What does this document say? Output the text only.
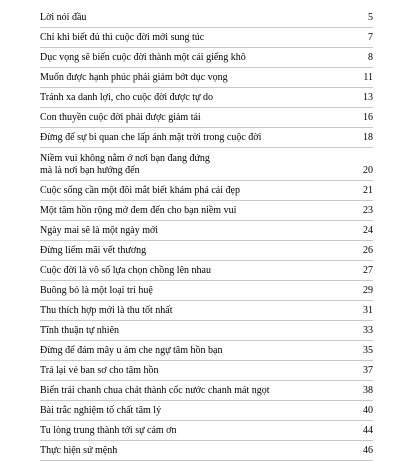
Lời nói đầu	5
Chỉ khi biết đủ thì cuộc đời mới sung túc	7
Dục vọng sẽ biến cuộc đời thành một cái giếng khô	8
Muốn được hạnh phúc phải giảm bớt dục vọng	11
Tránh xa danh lợi, cho cuộc đời được tự do	13
Con thuyền cuộc đời phải được giảm tải	16
Đừng để sự bi quan che lấp ánh mặt trời trong cuộc đời	18
Niềm vui không nằm ở nơi bạn đang đứng
mà là nơi bạn hướng đến	20
Cuộc sống cần một đôi mắt biết khám phá cái đẹp	21
Một tâm hồn rộng mở đem đến cho bạn niềm vui	23
Ngày mai sẽ là một ngày mới	24
Đừng liếm mãi vết thương	26
Cuộc đời là vô số lựa chọn chồng lên nhau	27
Buông bỏ là một loại trí huệ	29
Thu thích hợp mới là thu tốt nhất	31
Tĩnh thuận tự nhiên	33
Đừng để đám mây u ám che ngự tâm hồn bạn	35
Trả lại vẻ ban sơ cho tâm hồn	37
Biến trái chanh chua chát thành cốc nước chanh mát ngọt	38
Bài trắc nghiệm tố chất tâm lý	40
Tu lòng trung thành tới sự cảm ơn	44
Thực hiện sứ mệnh	46
